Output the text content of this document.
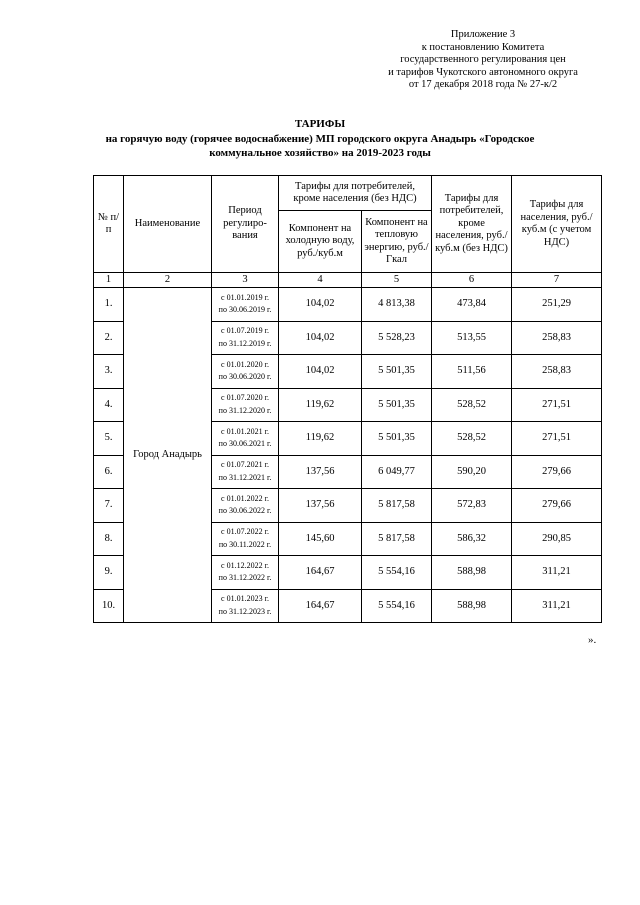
Приложение 3
к постановлению Комитета
государственного регулирования цен
и тарифов Чукотского автономного округа
от 17 декабря 2018 года № 27-к/2
ТАРИФЫ
на горячую воду (горячее водоснабжение) МП городского округа Анадырь «Городское
коммунальное хозяйство» на 2019-2023 годы
№ п/п	Наименование	Период регулиро-вания	Тарифы для потребителей, кроме населения (без НДС)		Тарифы для потребителей, кроме населения, руб./куб.м (без НДС)	Тарифы для населения, руб./куб.м (с учетом НДС)
			Компонент на холодную воду, руб./куб.м	Компонент на тепловую энергию, руб./Гкал		
1	2	3	4	5	6	7
1.	Город Анадырь	с 01.01.2019 г.
по 30.06.2019 г.	104,02	4 813,38	473,84	251,29
2.		с 01.07.2019 г.
по 31.12.2019 г.	104,02	5 528,23	513,55	258,83
3.		с 01.01.2020 г.
по 30.06.2020 г.	104,02	5 501,35	511,56	258,83
4.		с 01.07.2020 г.
по 31.12.2020 г.	119,62	5 501,35	528,52	271,51
5.		с 01.01.2021 г.
по 30.06.2021 г.	119,62	5 501,35	528,52	271,51
6.		с 01.07.2021 г.
по 31.12.2021 г.	137,56	6 049,77	590,20	279,66
7.		с 01.01.2022 г.
по 30.06.2022 г.	137,56	5 817,58	572,83	279,66
8.		с 01.07.2022 г.
по 30.11.2022 г.	145,60	5 817,58	586,32	290,85
9.		с 01.12.2022 г.
по 31.12.2022 г.	164,67	5 554,16	588,98	311,21
10.		с 01.01.2023 г.
по 31.12.2023 г.	164,67	5 554,16	588,98	311,21
».
